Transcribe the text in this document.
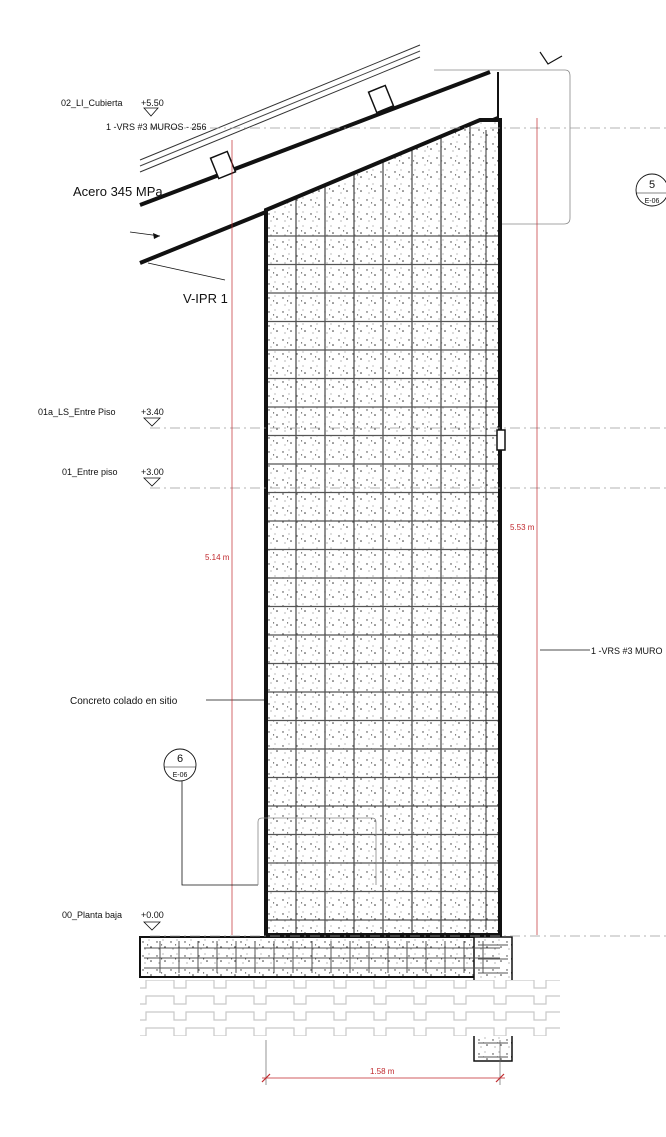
02_LI_Cubierta +5.50
01a_LS_Entre Piso	+3.40
01_Entre piso	+3.00
00_Planta baja +0.00
1 -VRS #3 MUROS - 256
Acero 345 MPa
V-IPR 1
Concreto colado en sitio
1 -VRS #3 MURO
5.14 m
5.53 m
1.58 m
5
E-06
6
E-06
